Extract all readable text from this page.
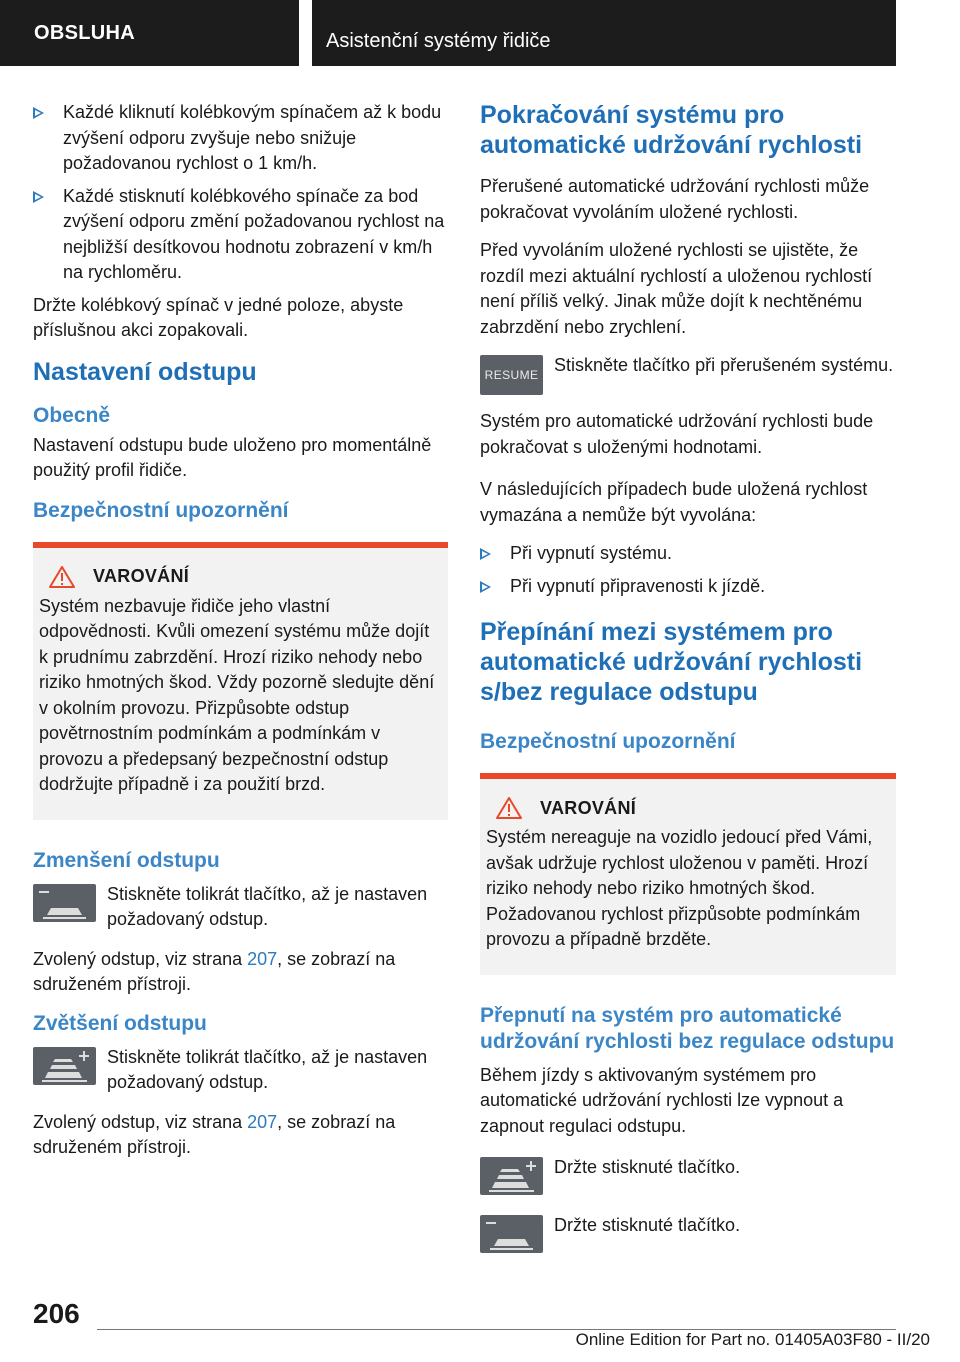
OBSLUHA	Asistenční systémy řidiče
Každé kliknutí kolébkovým spínačem až k bodu zvýšení odporu zvyšuje nebo snižuje požadovanou rychlost o 1 km/h.
Každé stisknutí kolébkového spínače za bod zvýšení odporu změní požadovanou rychlost na nejbližší desítkovou hodnotu zobrazení v km/h na rychloměru.

Držte kolébkový spínač v jedné poloze, abyste příslušnou akci zopakovali.

Nastavení odstupu
Obecně

Nastavení odstupu bude uloženo pro momentálně použitý profil řidiče.

Bezpečnostní upozornění
VAROVÁNÍ

Systém nezbavuje řidiče jeho vlastní odpovědnosti. Kvůli omezení systému může dojít k prudnímu zabrzdění. Hrozí riziko nehody nebo riziko hmotných škod. Vždy pozorně sledujte dění v okolním provozu. Přizpůsobte odstup povětrnostním podmínkám a podmínkám v provozu a předepsaný bezpečnostní odstup dodržujte případně i za použití brzd.

Zmenšení odstupu

Stiskněte tolikrát tlačítko, až je nastaven požadovaný odstup.

Zvolený odstup, viz strana 207, se zobrazí na sdruženém přístroji.

Zvětšení odstupu

Stiskněte tolikrát tlačítko, až je nastaven požadovaný odstup.

Zvolený odstup, viz strana 207, se zobrazí na sdruženém přístroji.

Pokračování systému pro automatické udržování rychlosti

Přerušené automatické udržování rychlosti může pokračovat vyvoláním uložené rychlosti.

Před vyvoláním uložené rychlosti se ujistěte, že rozdíl mezi aktuální rychlostí a uloženou rychlostí není příliš velký. Jinak může dojít k nechtěnému zabrzdění nebo zrychlení.

RESUME Stiskněte tlačítko při přerušeném systému.

Systém pro automatické udržování rychlosti bude pokračovat s uloženými hodnotami.

V následujících případech bude uložená rychlost vymazána a nemůže být vyvolána:

Při vypnutí systému.
Při vypnutí připravenosti k jízdě.
Přepínání mezi systémem pro automatické udržování rychlosti s/bez regulace odstupu
Bezpečnostní upozornění
VAROVÁNÍ

Systém nereaguje na vozidlo jedoucí před Vámi, avšak udržuje rychlost uloženou v paměti. Hrozí riziko nehody nebo riziko hmotných škod. Požadovanou rychlost přizpůsobte podmínkám provozu a případně brzděte.

Přepnutí na systém pro automatické udržování rychlosti bez regulace odstupu

Během jízdy s aktivovaným systémem pro automatické udržování rychlosti lze vypnout a zapnout regulaci odstupu.

Držte stisknuté tlačítko.

Držte stisknuté tlačítko.

206
Online Edition for Part no. 01405A03F80 - II/20
